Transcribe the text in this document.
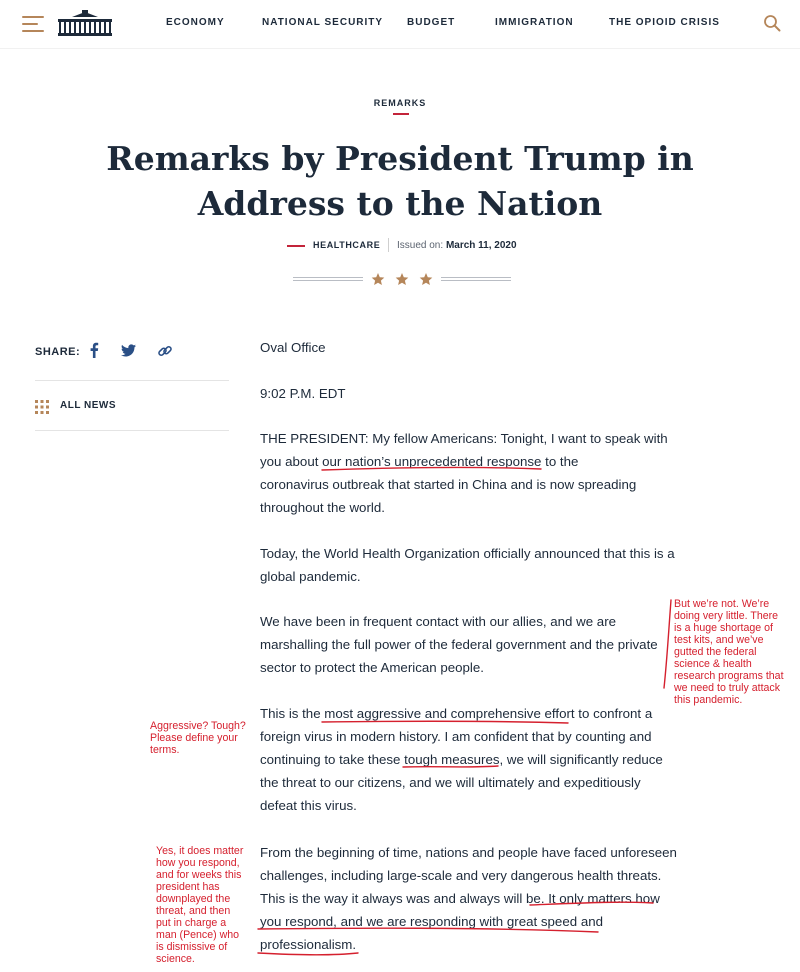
ECONOMY	NATIONAL SECURITY BUDGET	IMMIGRATION	THE OPIOID CRISIS
REMARKS
Remarks by President Trump in
Address to the Nation
HEALTHCARE Issued on: March 11, 2020
SHARE:
ALL NEWS
Oval Office
9:02 P.M. EDT
THE PRESIDENT: My fellow Americans: Tonight, I want to speak with
you about our nation’s unprecedented response to the
coronavirus outbreak that started in China and is now spreading
throughout the world.
Today, the World Health Organization officially announced that this is a
global pandemic.
We have been in frequent contact with our allies, and we are
marshalling the full power of the federal government and the private
sector to protect the American people.
This is the most aggressive and comprehensive effort to confront a
foreign virus in modern history. I am confident that by counting and
continuing to take these tough measures, we will significantly reduce
the threat to our citizens, and we will ultimately and expeditiously
defeat this virus.
From the beginning of time, nations and people have faced unforeseen
challenges, including large-scale and very dangerous health threats.
This is the way it always was and always will be. It only matters how
you respond, and we are responding with great speed and
professionalism.
But we’re not. We’re
doing very little. There
is a huge shortage of
test kits, and we’ve
gutted the federal
science & health
research programs that
we need to truly attack
this pandemic.
Aggressive? Tough?
Please define your
terms.
Yes, it does matter
how you respond,
and for weeks this
president has
downplayed the
threat, and then
put in charge a
man (Pence) who
is dismissive of
science.
